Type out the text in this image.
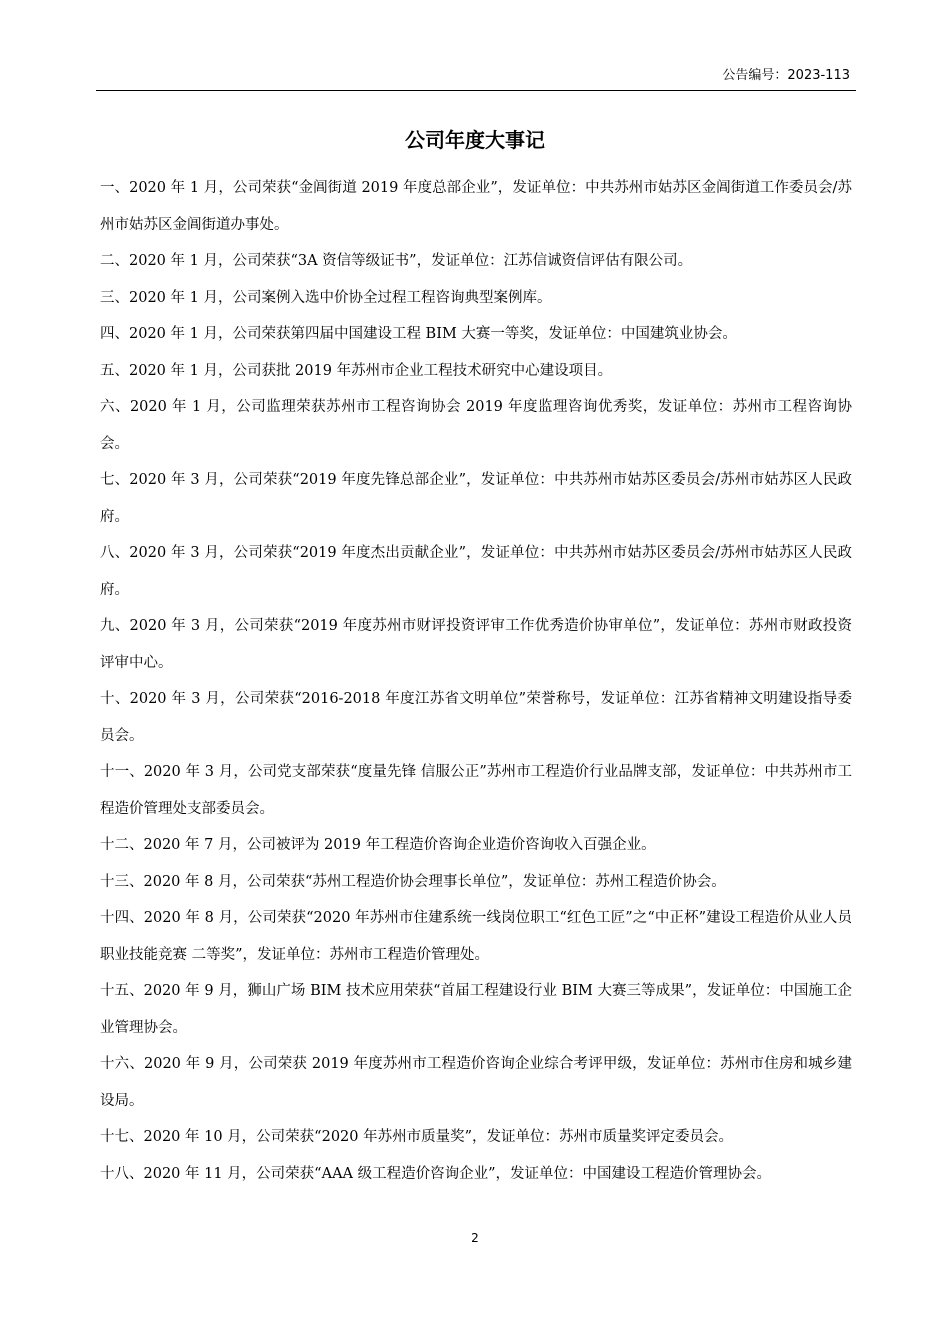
公告编号：2023-113
公司年度大事记
一、2020 年 1 月，公司荣获“金阊街道 2019 年度总部企业”，发证单位：中共苏州市姑苏区金阊街道工作委员会/苏州市姑苏区金阊街道办事处。
二、2020 年 1 月，公司荣获“3A 资信等级证书”，发证单位：江苏信诚资信评估有限公司。
三、2020 年 1 月，公司案例入选中价协全过程工程咨询典型案例库。
四、2020 年 1 月，公司荣获第四届中国建设工程 BIM 大赛一等奖，发证单位：中国建筑业协会。
五、2020 年 1 月，公司获批 2019 年苏州市企业工程技术研究中心建设项目。
六、2020 年 1 月，公司监理荣获苏州市工程咨询协会 2019 年度监理咨询优秀奖，发证单位：苏州市工程咨询协会。
七、2020 年 3 月，公司荣获“2019 年度先锋总部企业”，发证单位：中共苏州市姑苏区委员会/苏州市姑苏区人民政府。
八、2020 年 3 月，公司荣获“2019 年度杰出贡献企业”，发证单位：中共苏州市姑苏区委员会/苏州市姑苏区人民政府。
九、2020 年 3 月，公司荣获“2019 年度苏州市财评投资评审工作优秀造价协审单位”，发证单位：苏州市财政投资评审中心。
十、2020 年 3 月，公司荣获“2016-2018 年度江苏省文明单位”荣誉称号，发证单位：江苏省精神文明建设指导委员会。
十一、2020 年 3 月，公司党支部荣获“度量先锋 信服公正”苏州市工程造价行业品牌支部，发证单位：中共苏州市工程造价管理处支部委员会。
十二、2020 年 7 月，公司被评为 2019 年工程造价咨询企业造价咨询收入百强企业。
十三、2020 年 8 月，公司荣获“苏州工程造价协会理事长单位”，发证单位：苏州工程造价协会。
十四、2020 年 8 月，公司荣获“2020 年苏州市住建系统一线岗位职工“红色工匠”之“中正杯”建设工程造价从业人员职业技能竞赛 二等奖”，发证单位：苏州市工程造价管理处。
十五、2020 年 9 月，狮山广场 BIM 技术应用荣获“首届工程建设行业 BIM 大赛三等成果”，发证单位：中国施工企业管理协会。
十六、2020 年 9 月，公司荣获 2019 年度苏州市工程造价咨询企业综合考评甲级，发证单位：苏州市住房和城乡建设局。
十七、2020 年 10 月，公司荣获“2020 年苏州市质量奖”，发证单位：苏州市质量奖评定委员会。
十八、2020 年 11 月，公司荣获“AAA 级工程造价咨询企业”，发证单位：中国建设工程造价管理协会。
2
